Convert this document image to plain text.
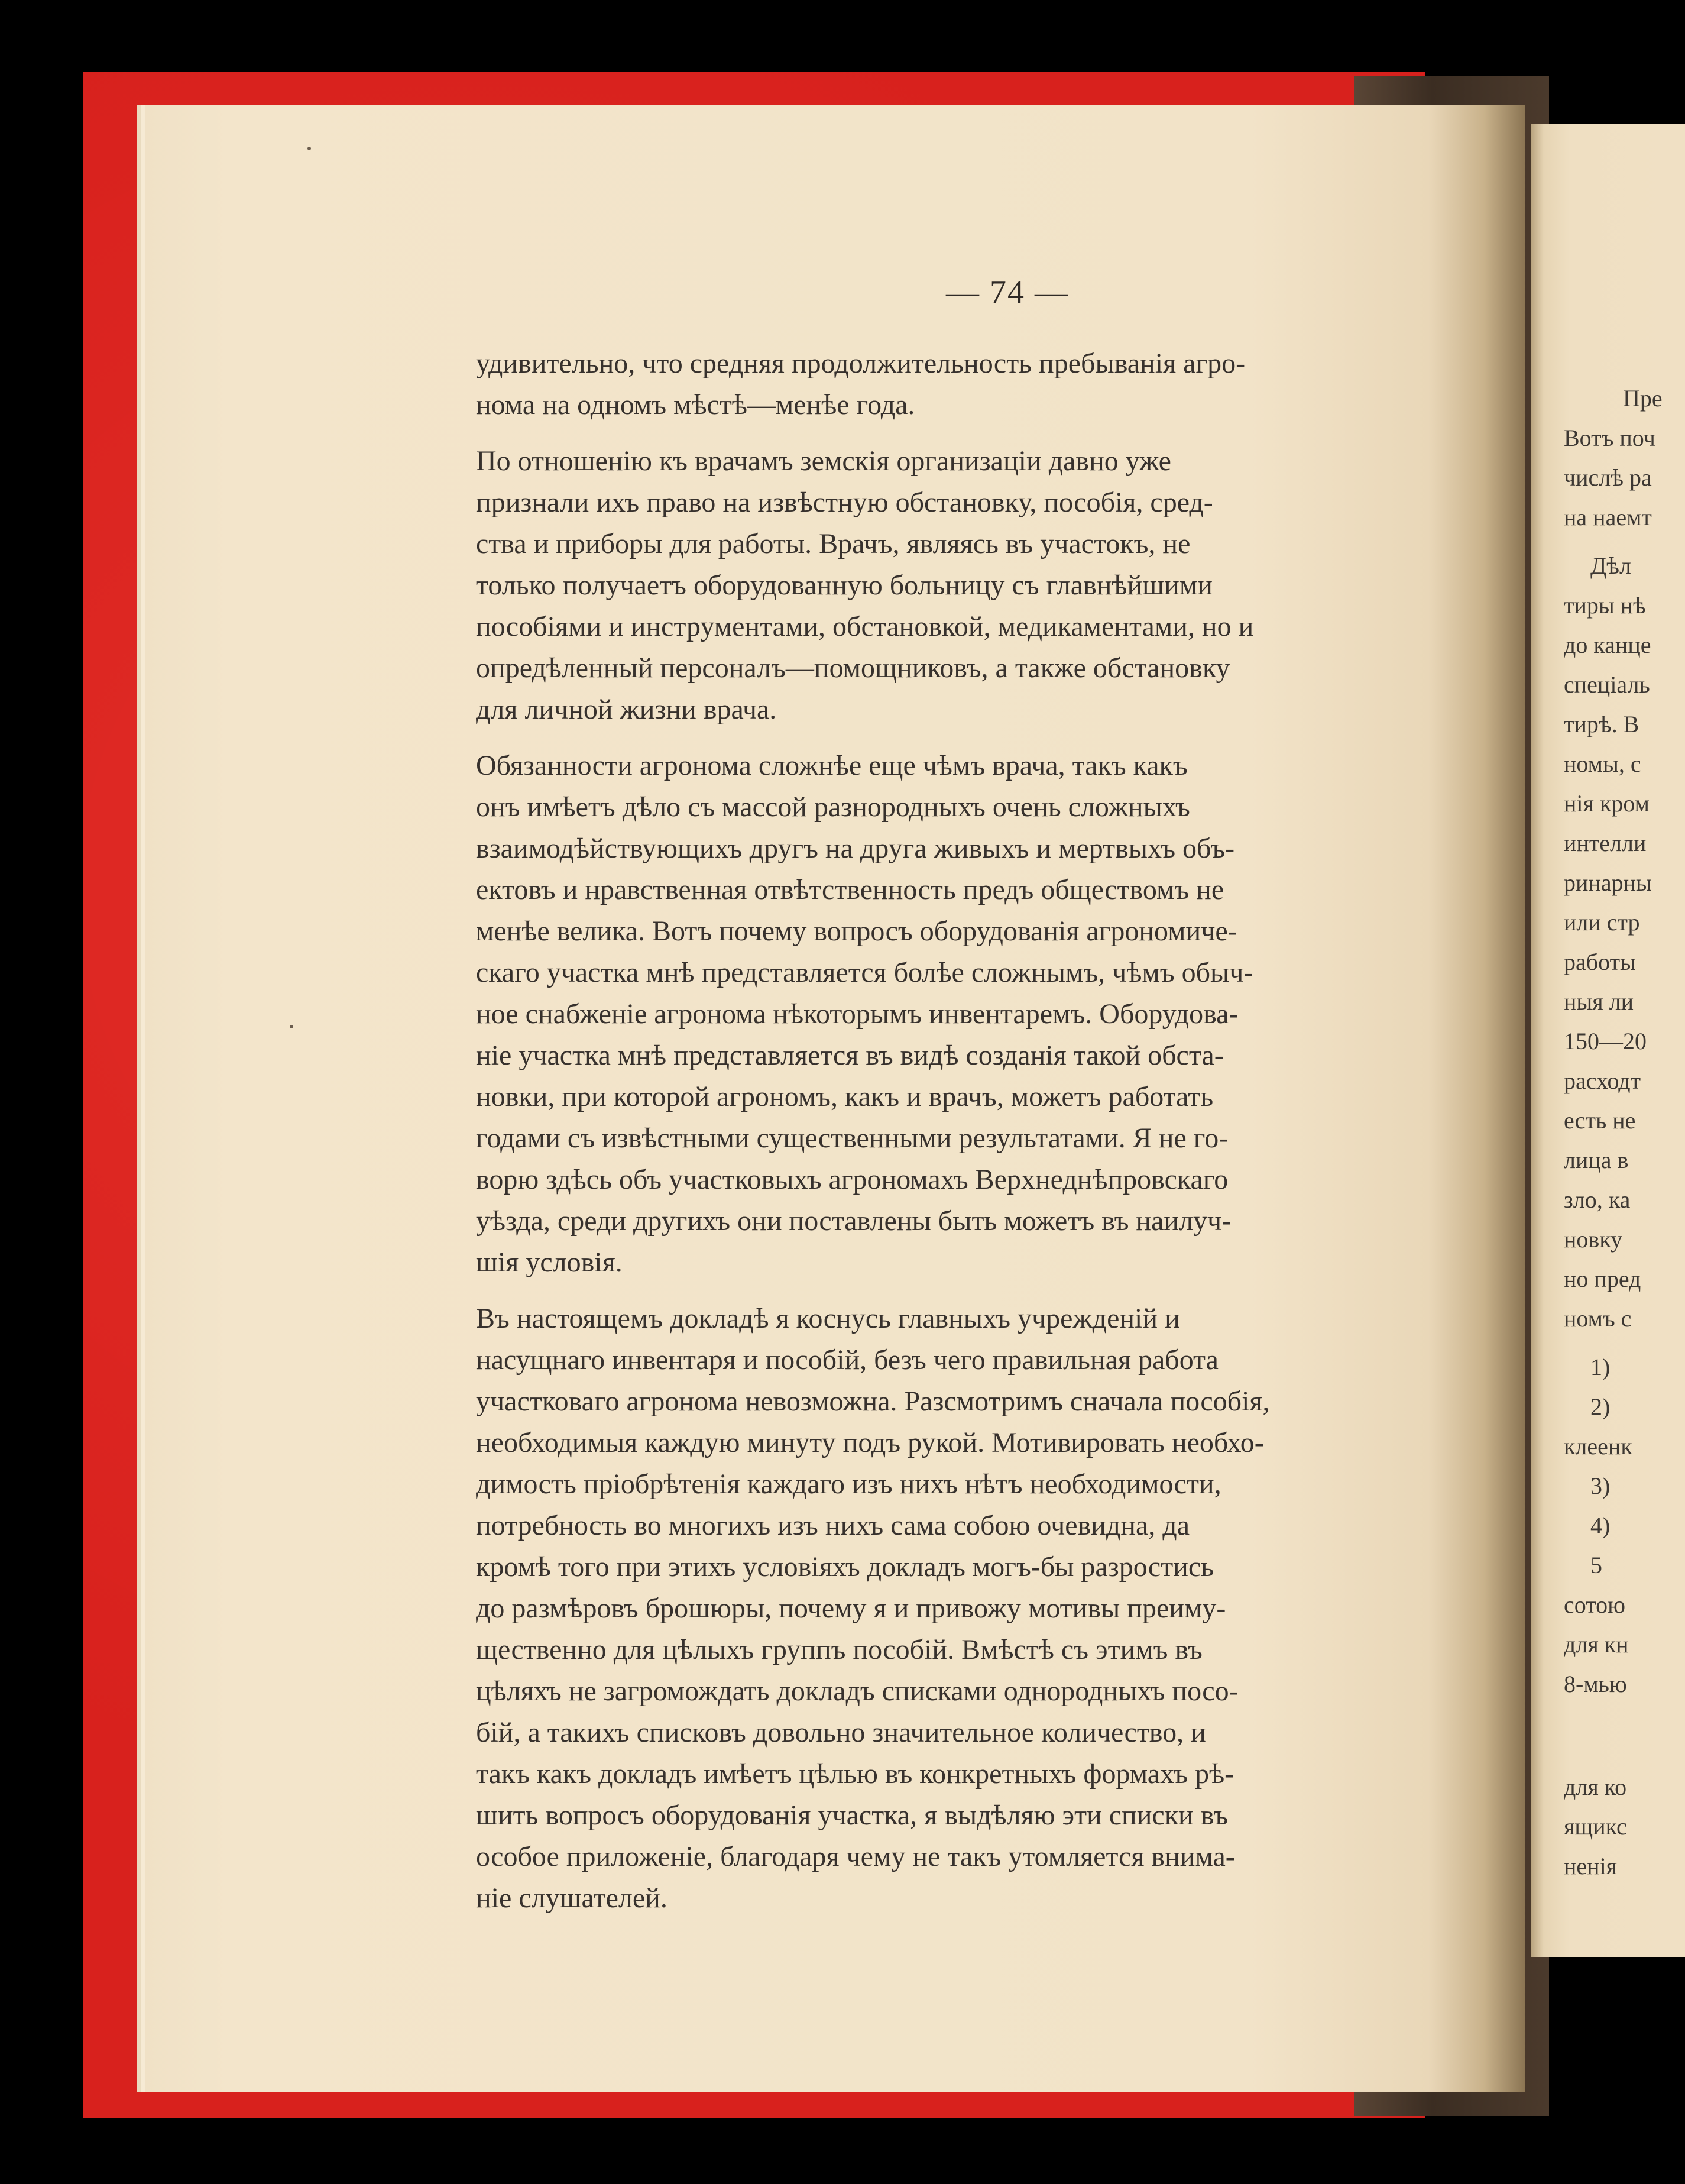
— 74 —

удивительно, что средняя продолжительность пребыванія агро-
нома на одномъ мѣстѣ—менѣе года.

По отношенію къ врачамъ земскія организаціи давно уже
признали ихъ право на извѣстную обстановку, пособія, сред-
ства и приборы для работы. Врачъ, являясь въ участокъ, не
только получаетъ оборудованную больницу съ главнѣйшими
пособіями и инструментами, обстановкой, медикаментами, но и
опредѣленный персоналъ—помощниковъ, а также обстановку
для личной жизни врача.

Обязанности агронома сложнѣе еще чѣмъ врача, такъ какъ
онъ имѣетъ дѣло съ массой разнородныхъ очень сложныхъ
взаимодѣйствующихъ другъ на друга живыхъ и мертвыхъ объ-
ектовъ и нравственная отвѣтственность предъ обществомъ не
менѣе велика. Вотъ почему вопросъ оборудованія агрономиче-
скаго участка мнѣ представляется болѣе сложнымъ, чѣмъ обыч-
ное снабженіе агронома нѣкоторымъ инвентаремъ. Оборудова-
ніе участка мнѣ представляется въ видѣ созданія такой обста-
новки, при которой агрономъ, какъ и врачъ, можетъ работать
годами съ извѣстными существенными результатами. Я не го-
ворю здѣсь объ участковыхъ агрономахъ Верхнеднѣпровскаго
уѣзда, среди другихъ они поставлены быть можетъ въ наилуч-
шія условія.

Въ настоящемъ докладѣ я коснусь главныхъ учрежденій и
насущнаго инвентаря и пособій, безъ чего правильная работа
участковаго агронома невозможна. Разсмотримъ сначала пособія,
необходимыя каждую минуту подъ рукой. Мотивировать необхо-
димость пріобрѣтенія каждаго изъ нихъ нѣтъ необходимости,
потребность во многихъ изъ нихъ сама собою очевидна, да
кромѣ того при этихъ условіяхъ докладъ могъ-бы разростись
до размѣровъ брошюры, почему я и привожу мотивы преиму-
щественно для цѣлыхъ группъ пособій. Вмѣстѣ съ этимъ въ
цѣляхъ не загромождать докладъ списками однородныхъ посо-
бій, а такихъ списковъ довольно значительное количество, и
такъ какъ докладъ имѣетъ цѣлью въ конкретныхъ формахъ рѣ-
шить вопросъ оборудованія участка, я выдѣляю эти списки въ
особое приложеніе, благодаря чему не такъ утомляется внима-
ніе слушателей.

Пре
Вотъ поч
числѣ ра
на наемт
Дѣл
тиры нѣ
до канце
спеціаль
тирѣ. В
номы, с
нія кром
интелли
ринарны
или стр
работы
ныя ли
150—20
расходт
есть не
лица в
зло, ка
новку
но пред
номъ с
1)
2)
клеенк
3)
4)
5
сотою
для кн
8-мью
для ко
ящикс
ненія
